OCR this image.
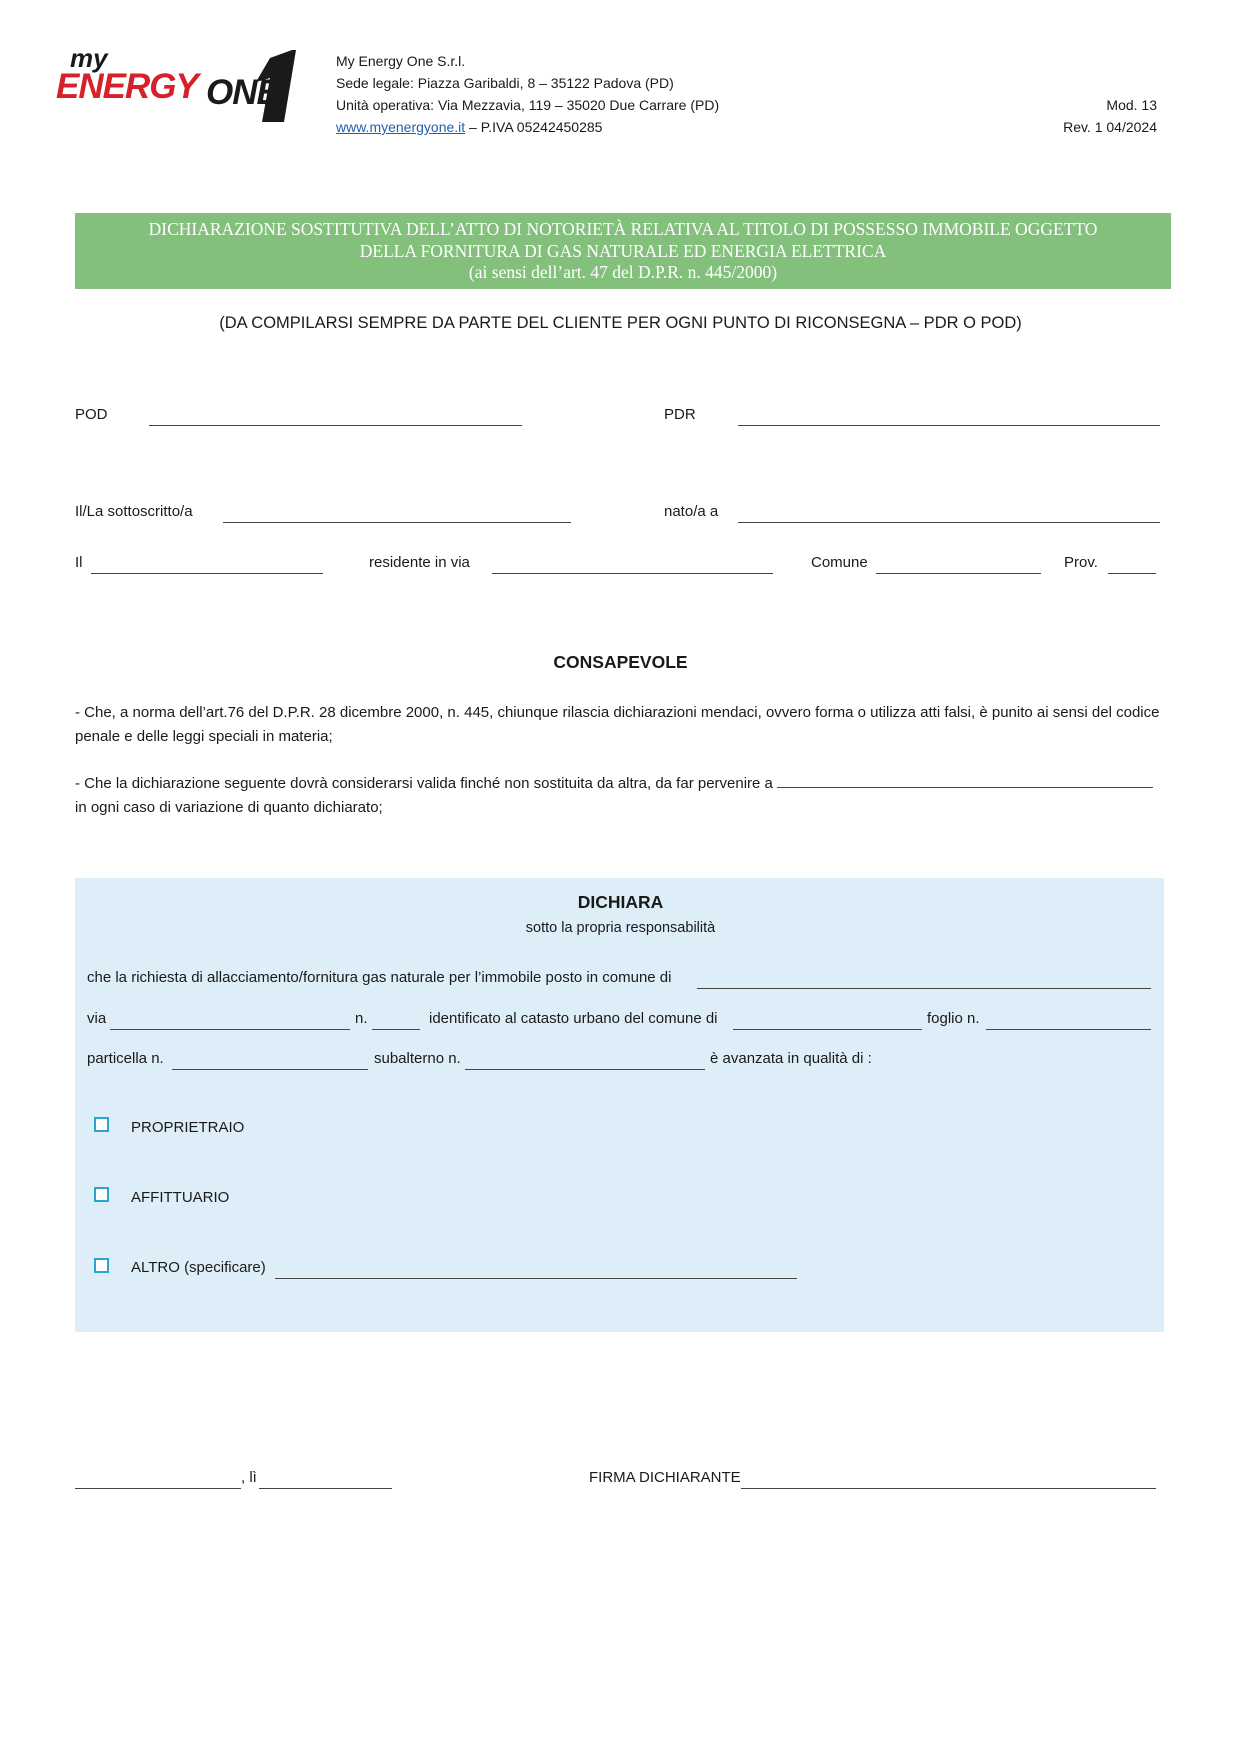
my
ENERGY ONE
My Energy One S.r.l.
Sede legale: Piazza Garibaldi, 8 – 35122 Padova (PD)
Unità operativa: Via Mezzavia, 119 – 35020 Due Carrare (PD)
www.myenergyone.it – P.IVA 05242450285
Mod. 13
Rev. 1 04/2024
DICHIARAZIONE SOSTITUTIVA DELL’ATTO DI NOTORIETÀ RELATIVA AL TITOLO DI POSSESSO IMMOBILE OGGETTO
DELLA FORNITURA DI GAS NATURALE ED ENERGIA ELETTRICA
(ai sensi dell’art. 47 del D.P.R. n. 445/2000)
(DA COMPILARSI SEMPRE DA PARTE DEL CLIENTE PER OGNI PUNTO DI RICONSEGNA – PDR O POD)
POD	PDR
Il/La sottoscritto/a	nato/a a
Il	residente in via	Comune	Prov.
CONSAPEVOLE
- Che, a norma dell’art.76 del D.P.R. 28 dicembre 2000, n. 445, chiunque rilascia dichiarazioni mendaci, ovvero forma o utilizza atti falsi, è punito ai sensi del codice penale e delle leggi speciali in materia;
- Che la dichiarazione seguente dovrà considerarsi valida finché non sostituita da altra, da far pervenire a
in ogni caso di variazione di quanto dichiarato;
DICHIARA
sotto la propria responsabilità
che la richiesta di allacciamento/fornitura gas naturale per l’immobile posto in comune di
via	n.	identificato al catasto urbano del comune di	foglio n.
particella n.	subalterno n.	è avanzata in qualità di :
PROPRIETRAIO
AFFITTUARIO
ALTRO (specificare)
, lì	FIRMA DICHIARANTE
